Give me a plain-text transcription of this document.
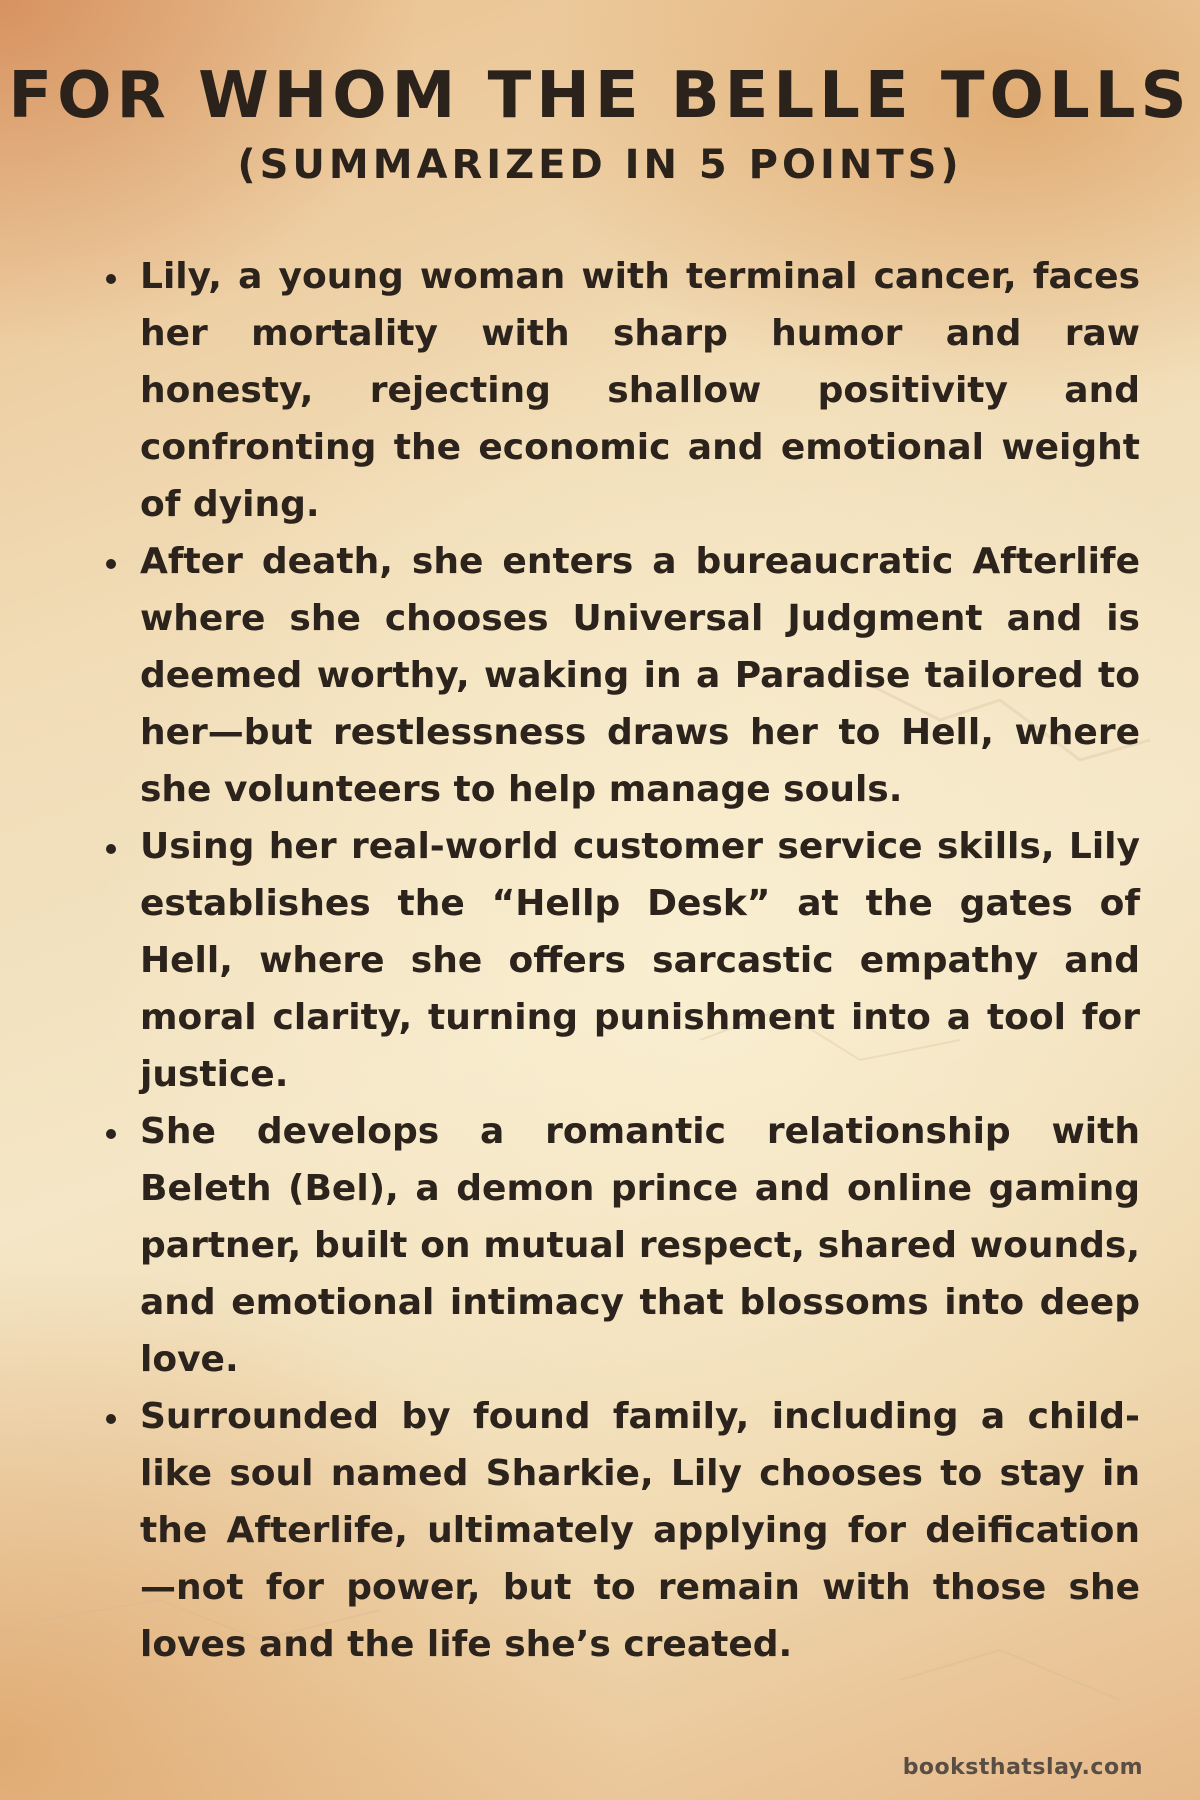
FOR WHOM THE BELLE TOLLS
(SUMMARIZED IN 5 POINTS)
Lily, a young woman with terminal cancer, faces her mortality with sharp humor and raw honesty, rejecting shallow positivity and confronting the economic and emotional weight of dying.
After death, she enters a bureaucratic Afterlife where she chooses Universal Judgment and is deemed worthy, waking in a Paradise tailored to her—but restlessness draws her to Hell, where she volunteers to help manage souls.
Using her real-world customer service skills, Lily establishes the “Hellp Desk” at the gates of Hell, where she offers sarcastic empathy and moral clarity, turning punishment into a tool for justice.
She develops a romantic relationship with Beleth (Bel), a demon prince and online gaming partner, built on mutual respect, shared wounds, and emotional intimacy that blossoms into deep love.
Surrounded by found family, including a child-like soul named Sharkie, Lily chooses to stay in the Afterlife, ultimately applying for deification—not for power, but to remain with those she loves and the life she’s created.
booksthatslay.com
